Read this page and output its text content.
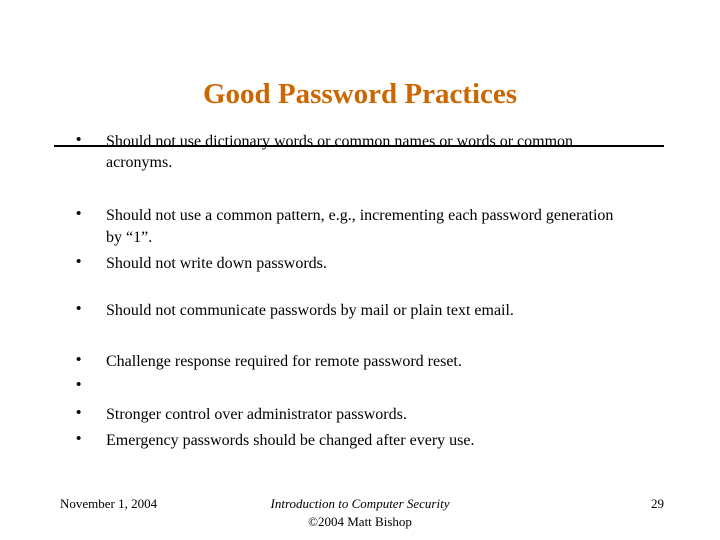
Good Password Practices
• Should not use dictionary words or common names or words or common
acronyms.
• Should not use a common pattern, e.g., incrementing each password generation
by “1”.
• Should not write down passwords.
• Should not communicate passwords by mail or plain text email.
• Challenge response required for remote password reset.
•
• Stronger control over administrator passwords.
• Emergency passwords should be changed after every use.
November 1, 2004	Introduction to Computer Security
©2004 Matt Bishop
29
